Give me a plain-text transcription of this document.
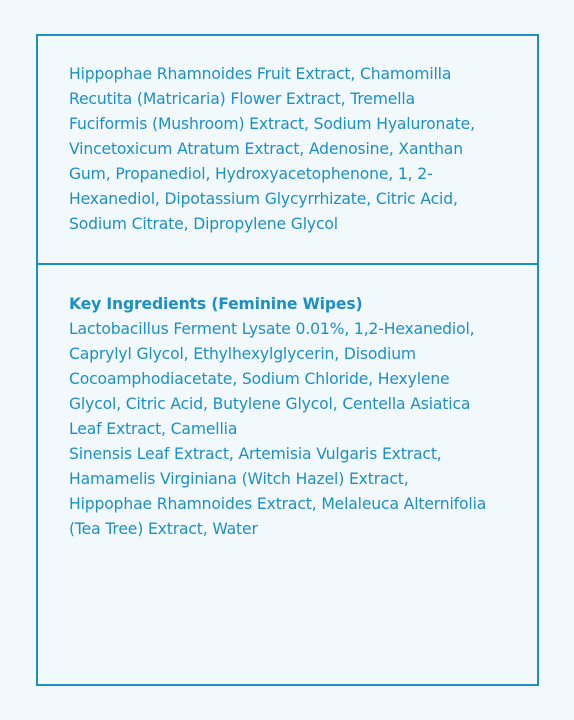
Hippophae Rhamnoides Fruit Extract, Chamomilla
Recutita (Matricaria) Flower Extract, Tremella
Fuciformis (Mushroom) Extract, Sodium Hyaluronate,
Vincetoxicum Atratum Extract, Adenosine, Xanthan
Gum, Propanediol, Hydroxyacetophenone, 1, 2-
Hexanediol, Dipotassium Glycyrrhizate, Citric Acid,
Sodium Citrate, Dipropylene Glycol

Key Ingredients (Feminine Wipes)

Lactobacillus Ferment Lysate 0.01%, 1,2-Hexanediol,
Caprylyl Glycol, Ethylhexylglycerin, Disodium
Cocoamphodiacetate, Sodium Chloride, Hexylene
Glycol, Citric Acid, Butylene Glycol, Centella Asiatica
Leaf Extract, Camellia
Sinensis Leaf Extract, Artemisia Vulgaris Extract,
Hamamelis Virginiana (Witch Hazel) Extract,
Hippophae Rhamnoides Extract, Melaleuca Alternifolia
(Tea Tree) Extract, Water
